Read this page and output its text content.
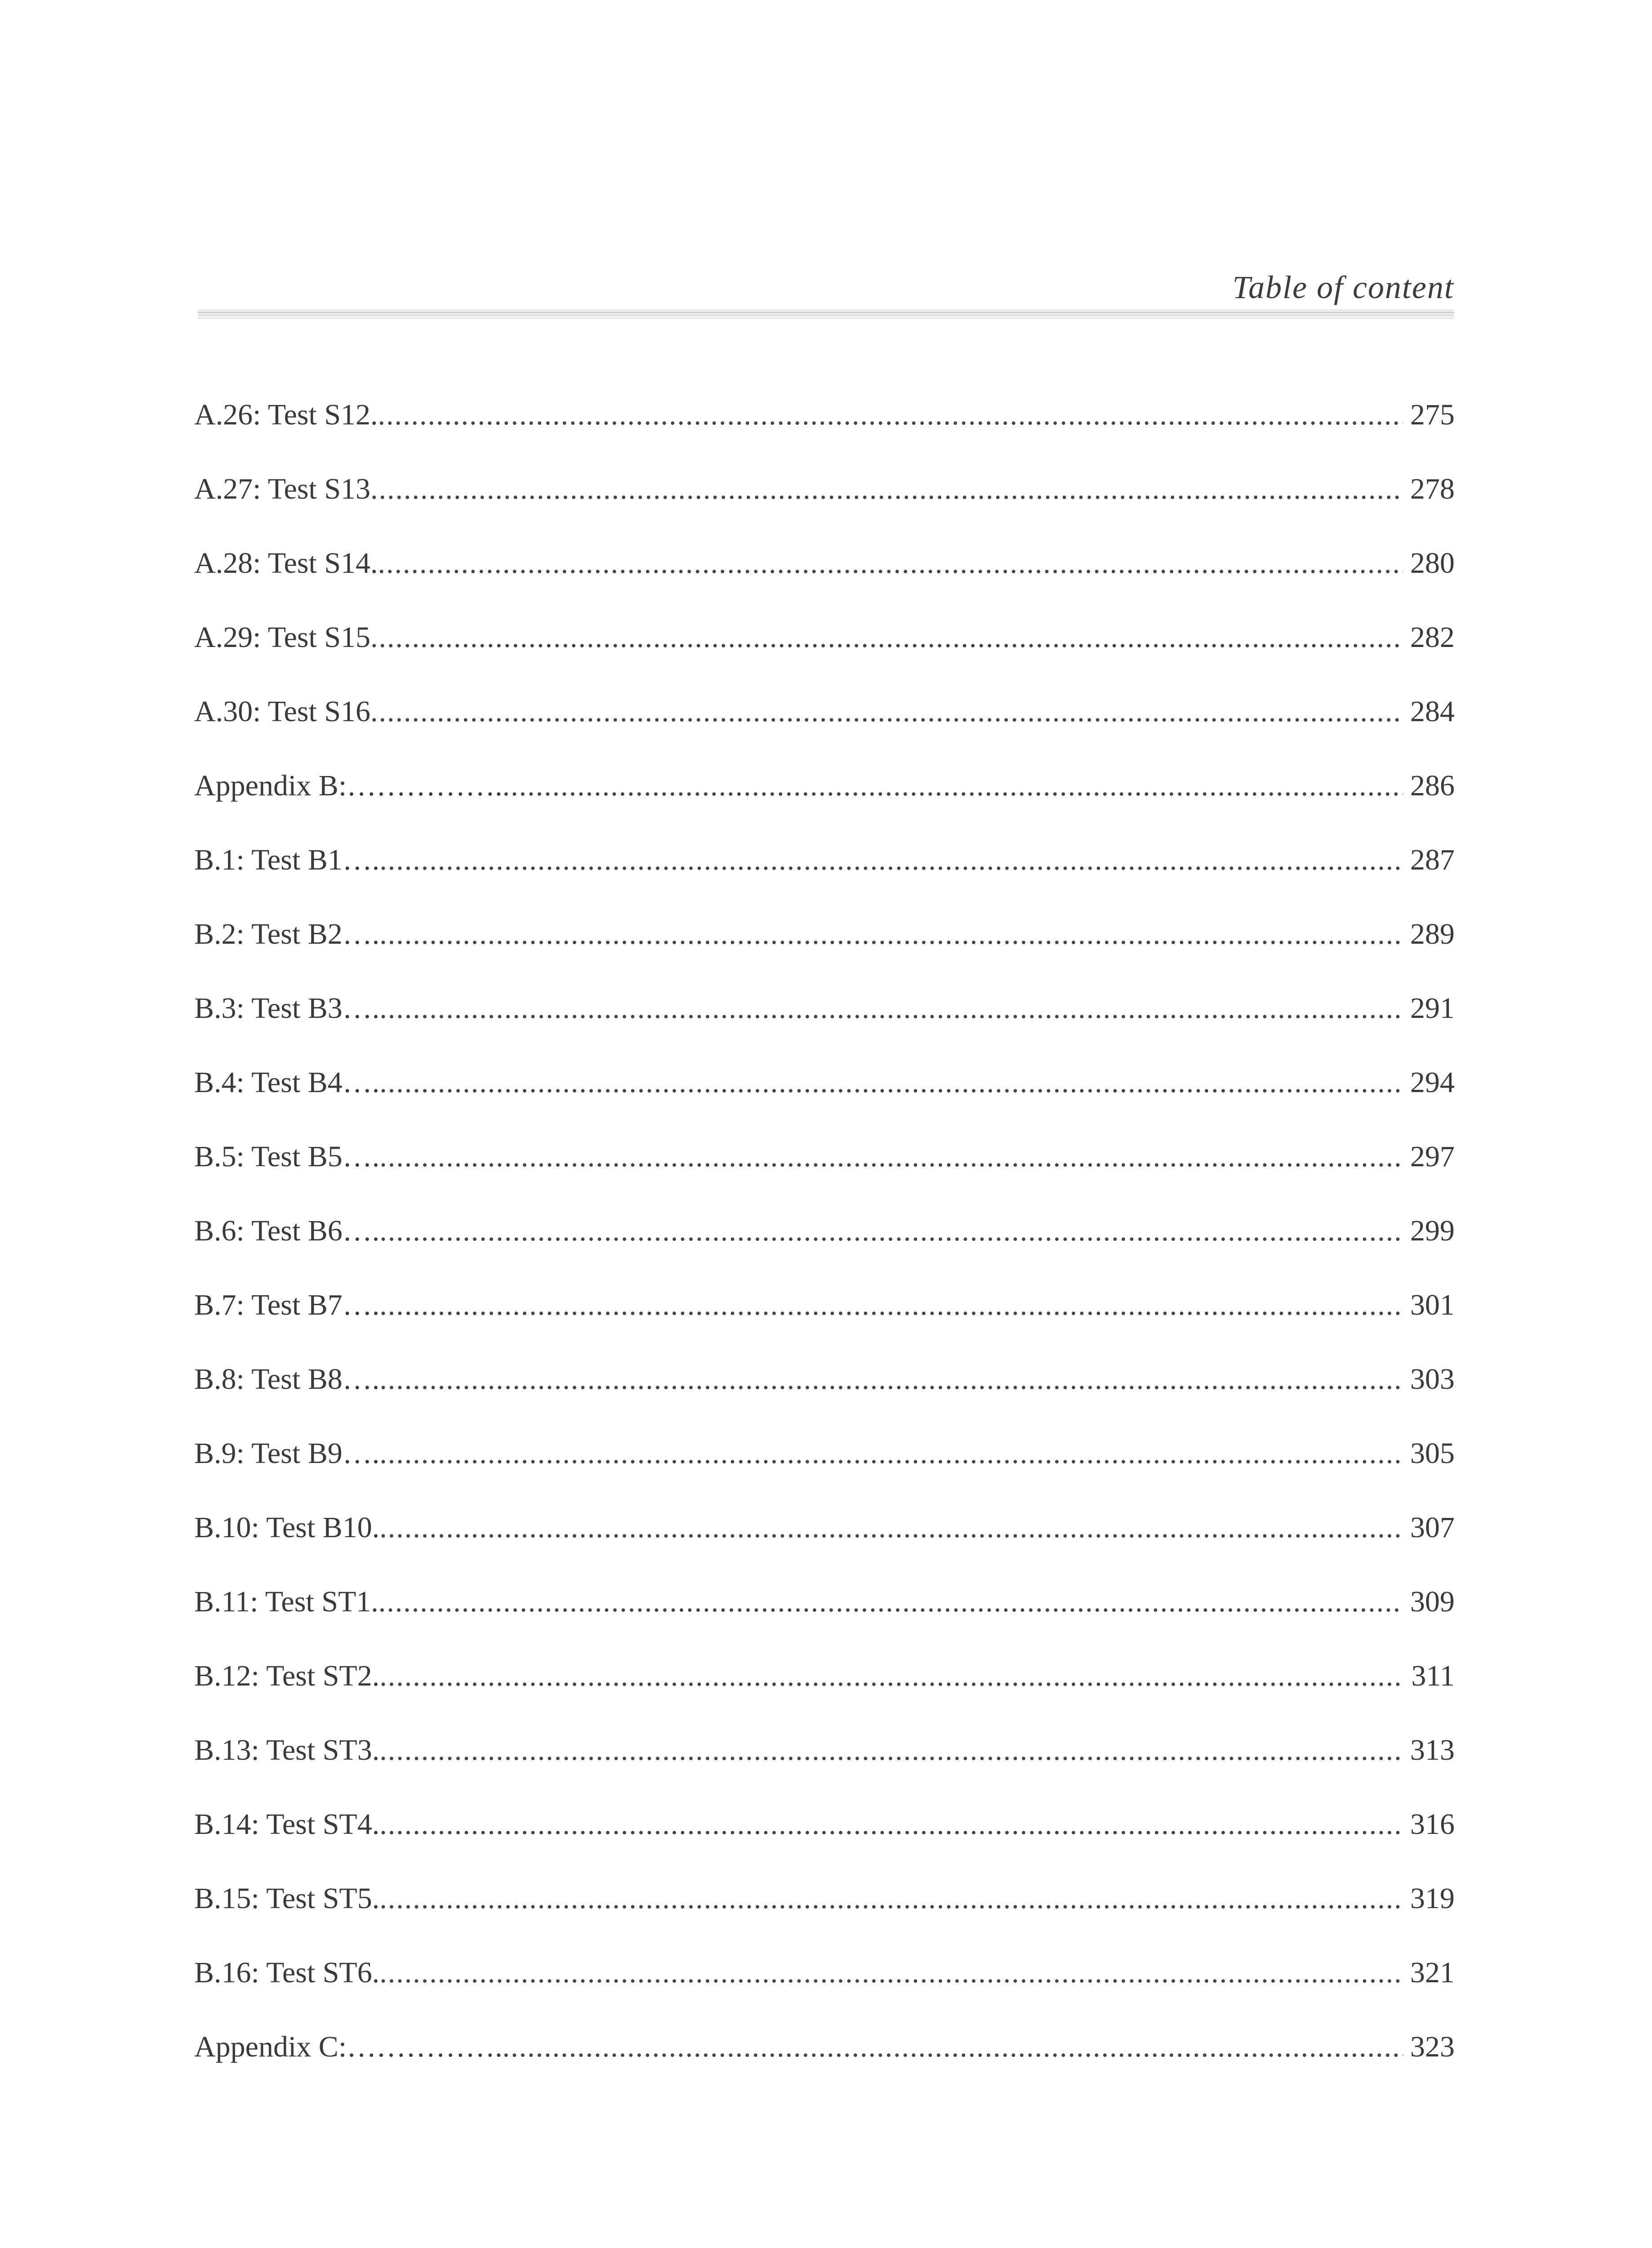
Table of content
A.26: Test S12. .....	275
A.27: Test S13 .....	278
A.28: Test S14. .....	280
A.29: Test S15 .....	282
A.30: Test S16 .....	284
Appendix B:……………. .....	286
B.1: Test B1…. .....	287
B.2: Test B2…. .....	289
B.3: Test B3…. .....	291
B.4: Test B4…. .....	294
B.5: Test B5…. .....	297
B.6: Test B6…. .....	299
B.7: Test B7…. .....	301
B.8: Test B8…. .....	303
B.9: Test B9…. .....	305
B.10: Test B10. .....	307
B.11: Test ST1. .....	309
B.12: Test ST2. .....	311
B.13: Test ST3. .....	313
B.14: Test ST4. .....	316
B.15: Test ST5. .....	319
B.16: Test ST6. .....	321
Appendix C:……………. .....	323
